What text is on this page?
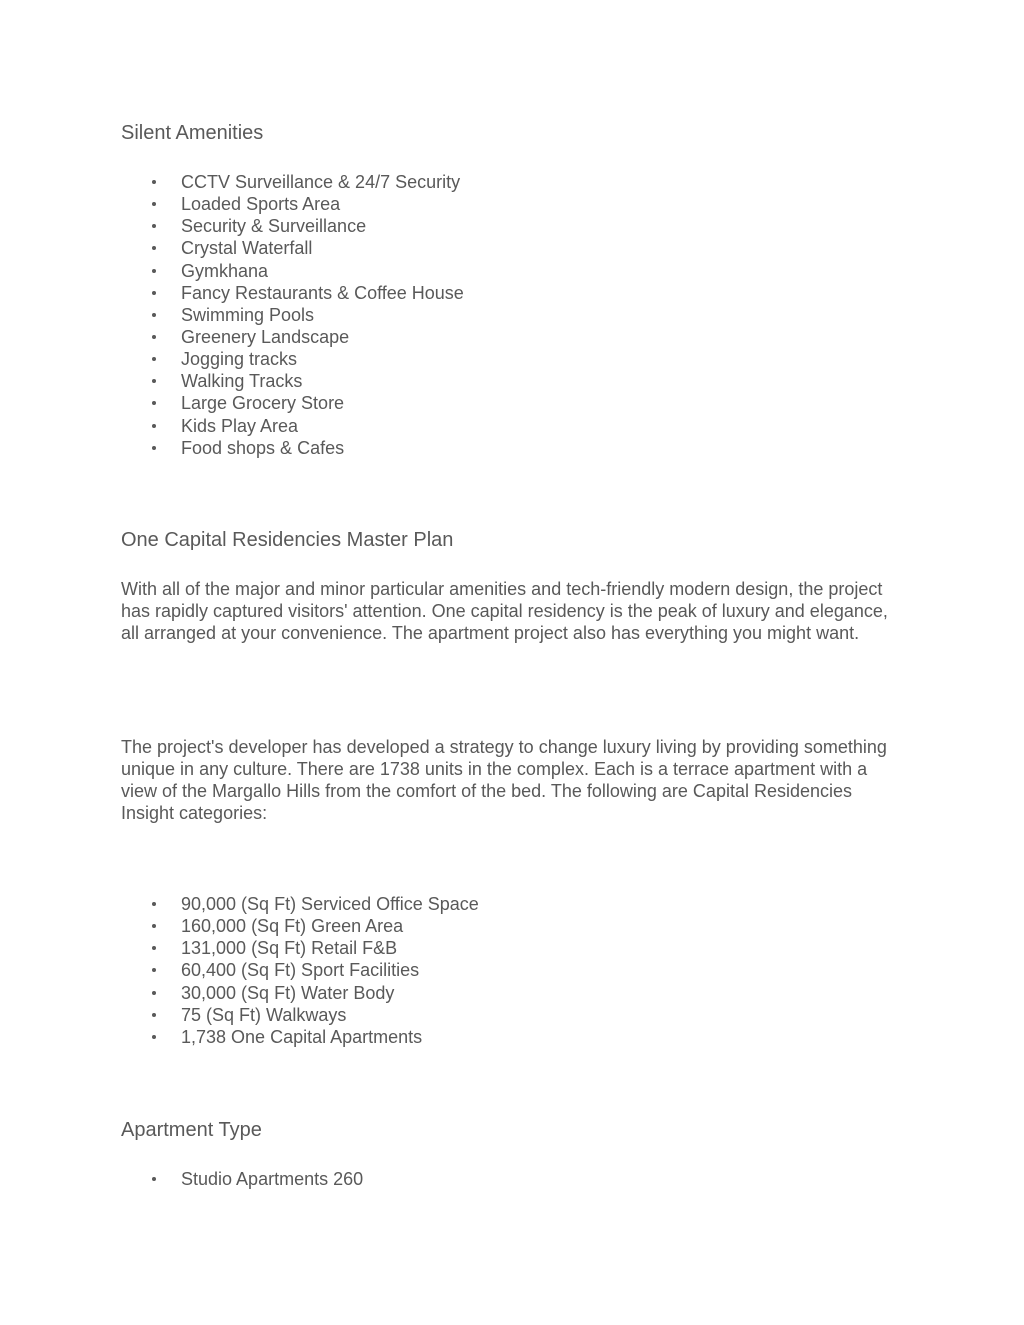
Silent Amenities
CCTV Surveillance & 24/7 Security
Loaded Sports Area
Security & Surveillance
Crystal Waterfall
Gymkhana
Fancy Restaurants & Coffee House
Swimming Pools
Greenery Landscape
Jogging tracks
Walking Tracks
Large Grocery Store
Kids Play Area
Food shops & Cafes
One Capital Residencies Master Plan

With all of the major and minor particular amenities and tech-friendly modern design, the project has rapidly captured visitors' attention. One capital residency is the peak of luxury and elegance, all arranged at your convenience. The apartment project also has everything you might want.

The project's developer has developed a strategy to change luxury living by providing something unique in any culture. There are 1738 units in the complex. Each is a terrace apartment with a view of the Margallo Hills from the comfort of the bed. The following are Capital Residencies Insight categories:

90,000 (Sq Ft) Serviced Office Space
160,000 (Sq Ft) Green Area
131,000 (Sq Ft) Retail F&B
60,400 (Sq Ft) Sport Facilities
30,000 (Sq Ft) Water Body
75 (Sq Ft) Walkways
1,738 One Capital Apartments
Apartment Type
Studio Apartments 260
